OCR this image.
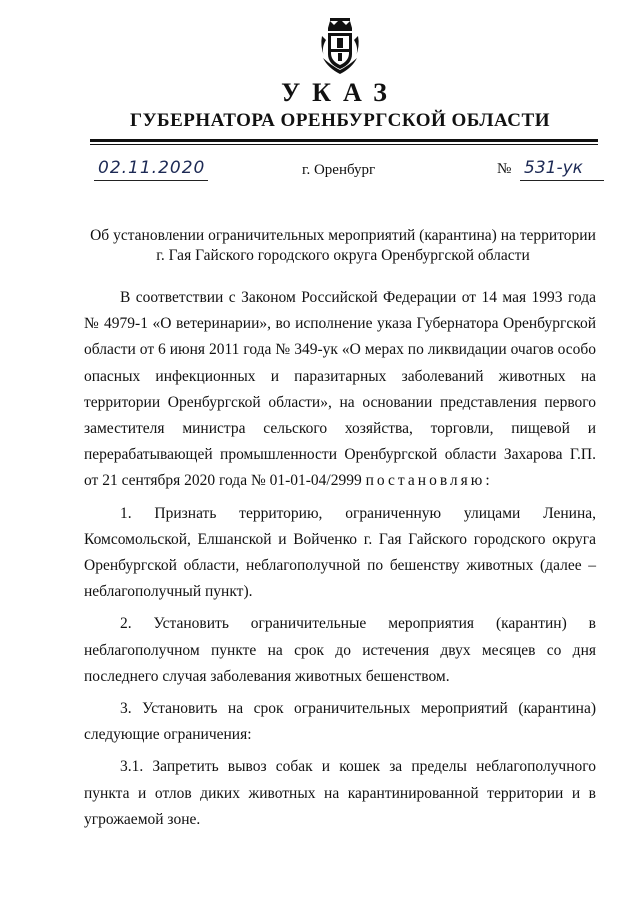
УКАЗ
ГУБЕРНАТОРА ОРЕНБУРГСКОЙ ОБЛАСТИ
02.11.2020	г. Оренбург	№ 531-ук
Об установлении ограничительных мероприятий (карантина) на территории
г. Гая Гайского городского округа Оренбургской области

В соответствии с Законом Российской Федерации от 14 мая 1993 года № 4979-1 «О ветеринарии», во исполнение указа Губернатора Оренбургской области от 6 июня 2011 года № 349-ук «О мерах по ликвидации очагов особо опасных инфекционных и паразитарных заболеваний животных на территории Оренбургской области», на основании представления первого заместителя министра сельского хозяйства, торговли, пищевой и перерабатывающей промышленности Оренбургской области Захарова Г.П. от 21 сентября 2020 года № 01-01-04/2999 постановляю:

1. Признать территорию, ограниченную улицами Ленина, Комсомольской, Елшанской и Войченко г. Гая Гайского городского округа Оренбургской области, неблагополучной по бешенству животных (далее – неблагополучный пункт).

2. Установить ограничительные мероприятия (карантин) в неблагополучном пункте на срок до истечения двух месяцев со дня последнего случая заболевания животных бешенством.

3. Установить на срок ограничительных мероприятий (карантина) следующие ограничения:

3.1. Запретить вывоз собак и кошек за пределы неблагополучного пункта и отлов диких животных на карантинированной территории и в угрожаемой зоне.
